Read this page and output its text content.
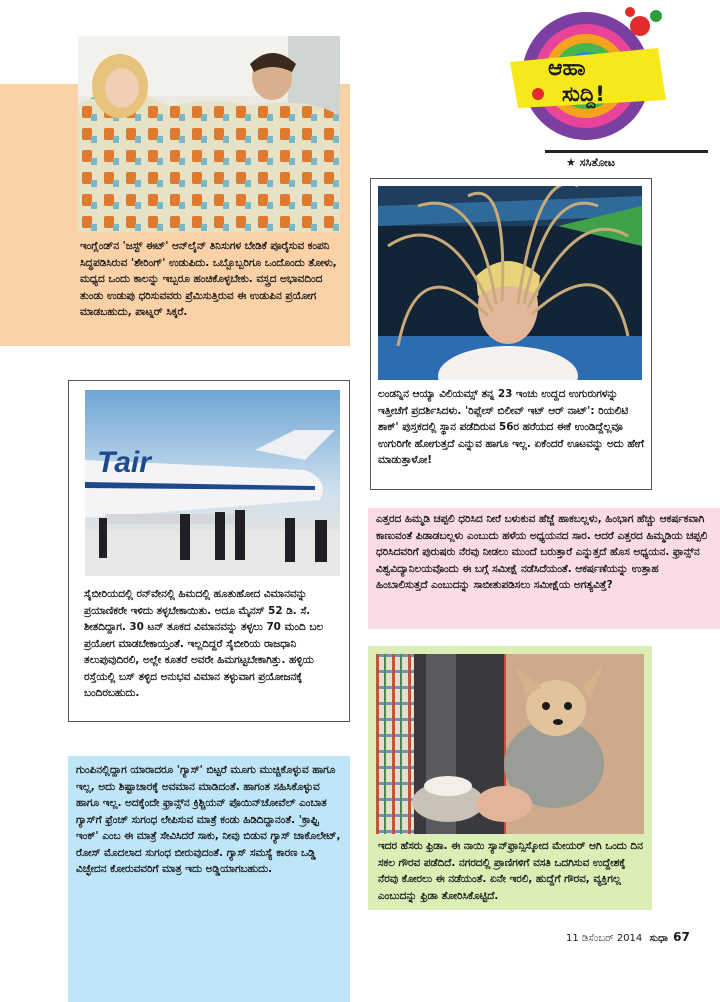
ಆಹಾ
ಸುದ್ದಿ!
★ ಸಸಿತೋಟ

ಇಂಗ್ಲೆಂಡ್‌ನ 'ಜಸ್ಟ್ ಈಟ್' ಆನ್‌ಲೈನ್ ತಿನಿಸುಗಳ ಬೇಡಿಕೆ ಪೂರೈಸುವ ಕಂಪನಿ ಸಿದ್ಧಪಡಿಸಿರುವ 'ಶೇರಿಂಗ್' ಉಡುಪಿದು. ಒಬ್ಬೊಬ್ಬರಿಗೂ ಒಂದೊಂದು ತೋಳು, ಮಧ್ಯದ ಒಂದು ಕಾಲನ್ನು ಇಬ್ಬರೂ ಹಂಚಿಕೊಳ್ಳಬೇಕು. ವಸ್ತ್ರದ ಅಭಾವದಿಂದ ತುಂಡು ಉಡುಪು ಧರಿಸುವವರು ಪ್ರೆಮಿಸುತ್ತಿರುವ ಈ ಉಡುಪಿನ ಪ್ರಯೋಗ ಮಾಡಬಹುದು, ಪಾಟ್ನರ್ ಸಿಕ್ಕರೆ.

ಲಂಡನ್ನಿನ ಆಯ್ಯಾ ವಿಲಿಯಮ್ಸ್ ತನ್ನ 23 ಇಂಚು ಉದ್ದದ ಉಗುರುಗಳನ್ನು ಇತ್ತೀಚೆಗೆ ಪ್ರದರ್ಶಿಸಿದಳು. 'ರಿಪ್ಲೇಸ್ ಬಿಲೀವ್ ಇಟ್ ಆರ್ ನಾಟ್': ರಿಯಲಿಟಿ ಶಾಕ್' ಪುಸ್ತಕದಲ್ಲಿ ಸ್ಥಾನ ಪಡೆದಿರುವ 56ರ ಹರೆಯದ ಈಕೆ ಉಂಡಿದ್ದೆಲ್ಲವೂ ಉಗುರಿಗೇ ಹೋಗುತ್ತದೆ ಎನ್ನುವ ಹಾಗೂ ಇಲ್ಲ. ಏಕೆಂದರೆ ಊಟವನ್ನು ಅದು ಹೇಗೆ ಮಾಡುತ್ತಾಳೋ!

Tair

ಸೈಬೀರಿಯದಲ್ಲಿ ರನ್‌ವೇನಲ್ಲಿ ಹಿಮದಲ್ಲಿ ಹೂತುಹೋದ ವಿಮಾನವನ್ನು ಪ್ರಯಾಣಿಕರೇ ಇಳಿದು ತಳ್ಳಬೇಕಾಯಿತು. ಅದೂ ಮೈನಸ್ 52 ಡಿ. ಸೆ. ಶೀತದಿದ್ದಾಗ. 30 ಟನ್ ತೂಕದ ವಿಮಾನವನ್ನು ತಳ್ಳಲು 70 ಮಂದಿ ಬಲ ಪ್ರಯೋಗ ಮಾಡಬೇಕಾಯ್ತಂತೆ. ಇಲ್ಲದಿದ್ದರೆ ಸೈಬೀರಿಯ ರಾಜಧಾನಿ ತಲುಪುವುದಿರಲಿ, ಅಲ್ಲೇ ಕೂತರೆ ಅವರೇ ಹಿಮಗಟ್ಟಬೇಕಾಗಿತ್ತು. ಹಳ್ಳಿಯ ರಸ್ತೆಯಲ್ಲಿ ಬಸ್ ತಳ್ಳಿದ ಅನುಭವ ವಿಮಾನ ತಳ್ಳುವಾಗ ಪ್ರಯೋಜನಕ್ಕೆ ಬಂದಿರಬಹುದು.

ಎತ್ತರದ ಹಿಮ್ಮಡಿ ಚಪ್ಪಲಿ ಧರಿಸಿದ ನೀರೆ ಬಳುಕುವ ಹೆಜ್ಜೆ ಹಾಕಬಲ್ಲಳು, ಹಿಂಭಾಗ ಹೆಚ್ಚು ಆಕರ್ಷಕವಾಗಿ ಕಾಣುವಂತೆ ಪಿಡಾಡಬಲ್ಲಳು ಎಂಬುದು ಹಳೆಯ ಅಧ್ಯಯನದ ಸಾರ. ಆದರೆ ಎತ್ತರದ ಹಿಮ್ಮಡಿಯ ಚಪ್ಪಲಿ ಧರಿಸಿದವರಿಗೆ ಪುರುಷರು ನೆರವು ನೀಡಲು ಮುಂದೆ ಬರುತ್ತಾರೆ ಎನ್ನುತ್ತದೆ ಹೊಸ ಅಧ್ಯಯನ. ಫ್ರಾನ್ಸ್‌ನ ವಿಶ್ವವಿದ್ಯಾನಿಲಯವೊಂದು ಈ ಬಗ್ಗೆ ಸಮೀಕ್ಷೆ ನಡೆಸಿದೆಯಂತೆ. ಆಕರ್ಷಣೆಯನ್ನು ಉತ್ತಾಹ ಹಿಂಬಾಲಿಸುತ್ತದೆ ಎಂಬುದನ್ನು ಸಾಬೀತುಪಡಿಸಲು ಸಮೀಕ್ಷೆಯ ಅಗತ್ಯವಿತ್ತೆ?

ಗುಂಪಿನಲ್ಲಿದ್ದಾಗ ಯಾರಾದರೂ 'ಗ್ಯಾಸ್' ಬಿಟ್ಟರೆ ಮೂಗು ಮುಚ್ಚಿಕೊಳ್ಳುವ ಹಾಗೂ ಇಲ್ಲ, ಅದು ಶಿಷ್ಟಾಚಾರಕ್ಕೆ ಅವಮಾನ ಮಾಡಿದಂತೆ. ಹಾಗಂತ ಸಹಿಸಿಕೊಳ್ಳುವ ಹಾಗೂ ಇಲ್ಲ. ಅದಕ್ಕೆಂದೇ ಫ್ರಾನ್ಸ್‌ನ ಕ್ರಿಶ್ಚಿಯನ್ ಪೊಯಿನ್‌ಚೋವೆಲ್ ಎಂಬಾತ ಗ್ಯಾಸ್‌ಗೆ ಫ್ರೆಂಚ್ ಸುಗಂಧ ಲೇಪಿಸುವ ಮಾತ್ರೆ ಕಂಡು ಹಿಡಿದಿದ್ದಾನಂತೆ. 'ಕ್ರಾಫ್ಟಿ ಇಂಕ್' ಎಂಬ ಈ ಮಾತ್ರೆ ಸೇವಿಸಿದರೆ ಸಾಕು, ನೀವು ಬಿಡುವ ಗ್ಯಾಸ್ ಚಾಕೊಲೇಟ್, ರೋಸ್ ಮೊದಲಾದ ಸುಗಂಧ ಬೀರುವುದಂತೆ. ಗ್ಯಾಸ್ ಸಮಸ್ಯೆ ಕಾರಣ ಒಡ್ಡಿ ವಿಚ್ಛೇದನ ಕೋರುವವರಿಗೆ ಮಾತ್ರ ಇದು ಅಡ್ಡಿಯಾಗಬಹುದು.

ಇದರ ಹೆಸರು ಫ್ರಿಡಾ. ಈ ನಾಯಿ ಸ್ಯಾನ್‌ಫ್ರಾನ್ಸಿಸ್ಕೋದ ಮೇಯರ್ ಆಗಿ ಒಂದು ದಿನ ಸಕಲ ಗೌರವ ಪಡೆದಿದೆ. ನಗರದಲ್ಲಿ ಪ್ರಾಣಿಗಳಿಗೆ ವಸತಿ ಒದಗಿಸುವ ಉದ್ದೇಶಕ್ಕೆ ನೆರವು ಕೋರಲು ಈ ನಡೆಯಂತೆ. ಏನೇ ಇರಲಿ, ಹುದ್ದೆಗೆ ಗೌರವ, ವ್ಯಕ್ತಿಗಲ್ಲ ಎಂಬುದನ್ನು ಫ್ರಿಡಾ ತೋರಿಸಿಕೊಟ್ಟಿದೆ.

11 ಡಿಸೆಂಬರ್ 2014 ಸುಧಾ 67
